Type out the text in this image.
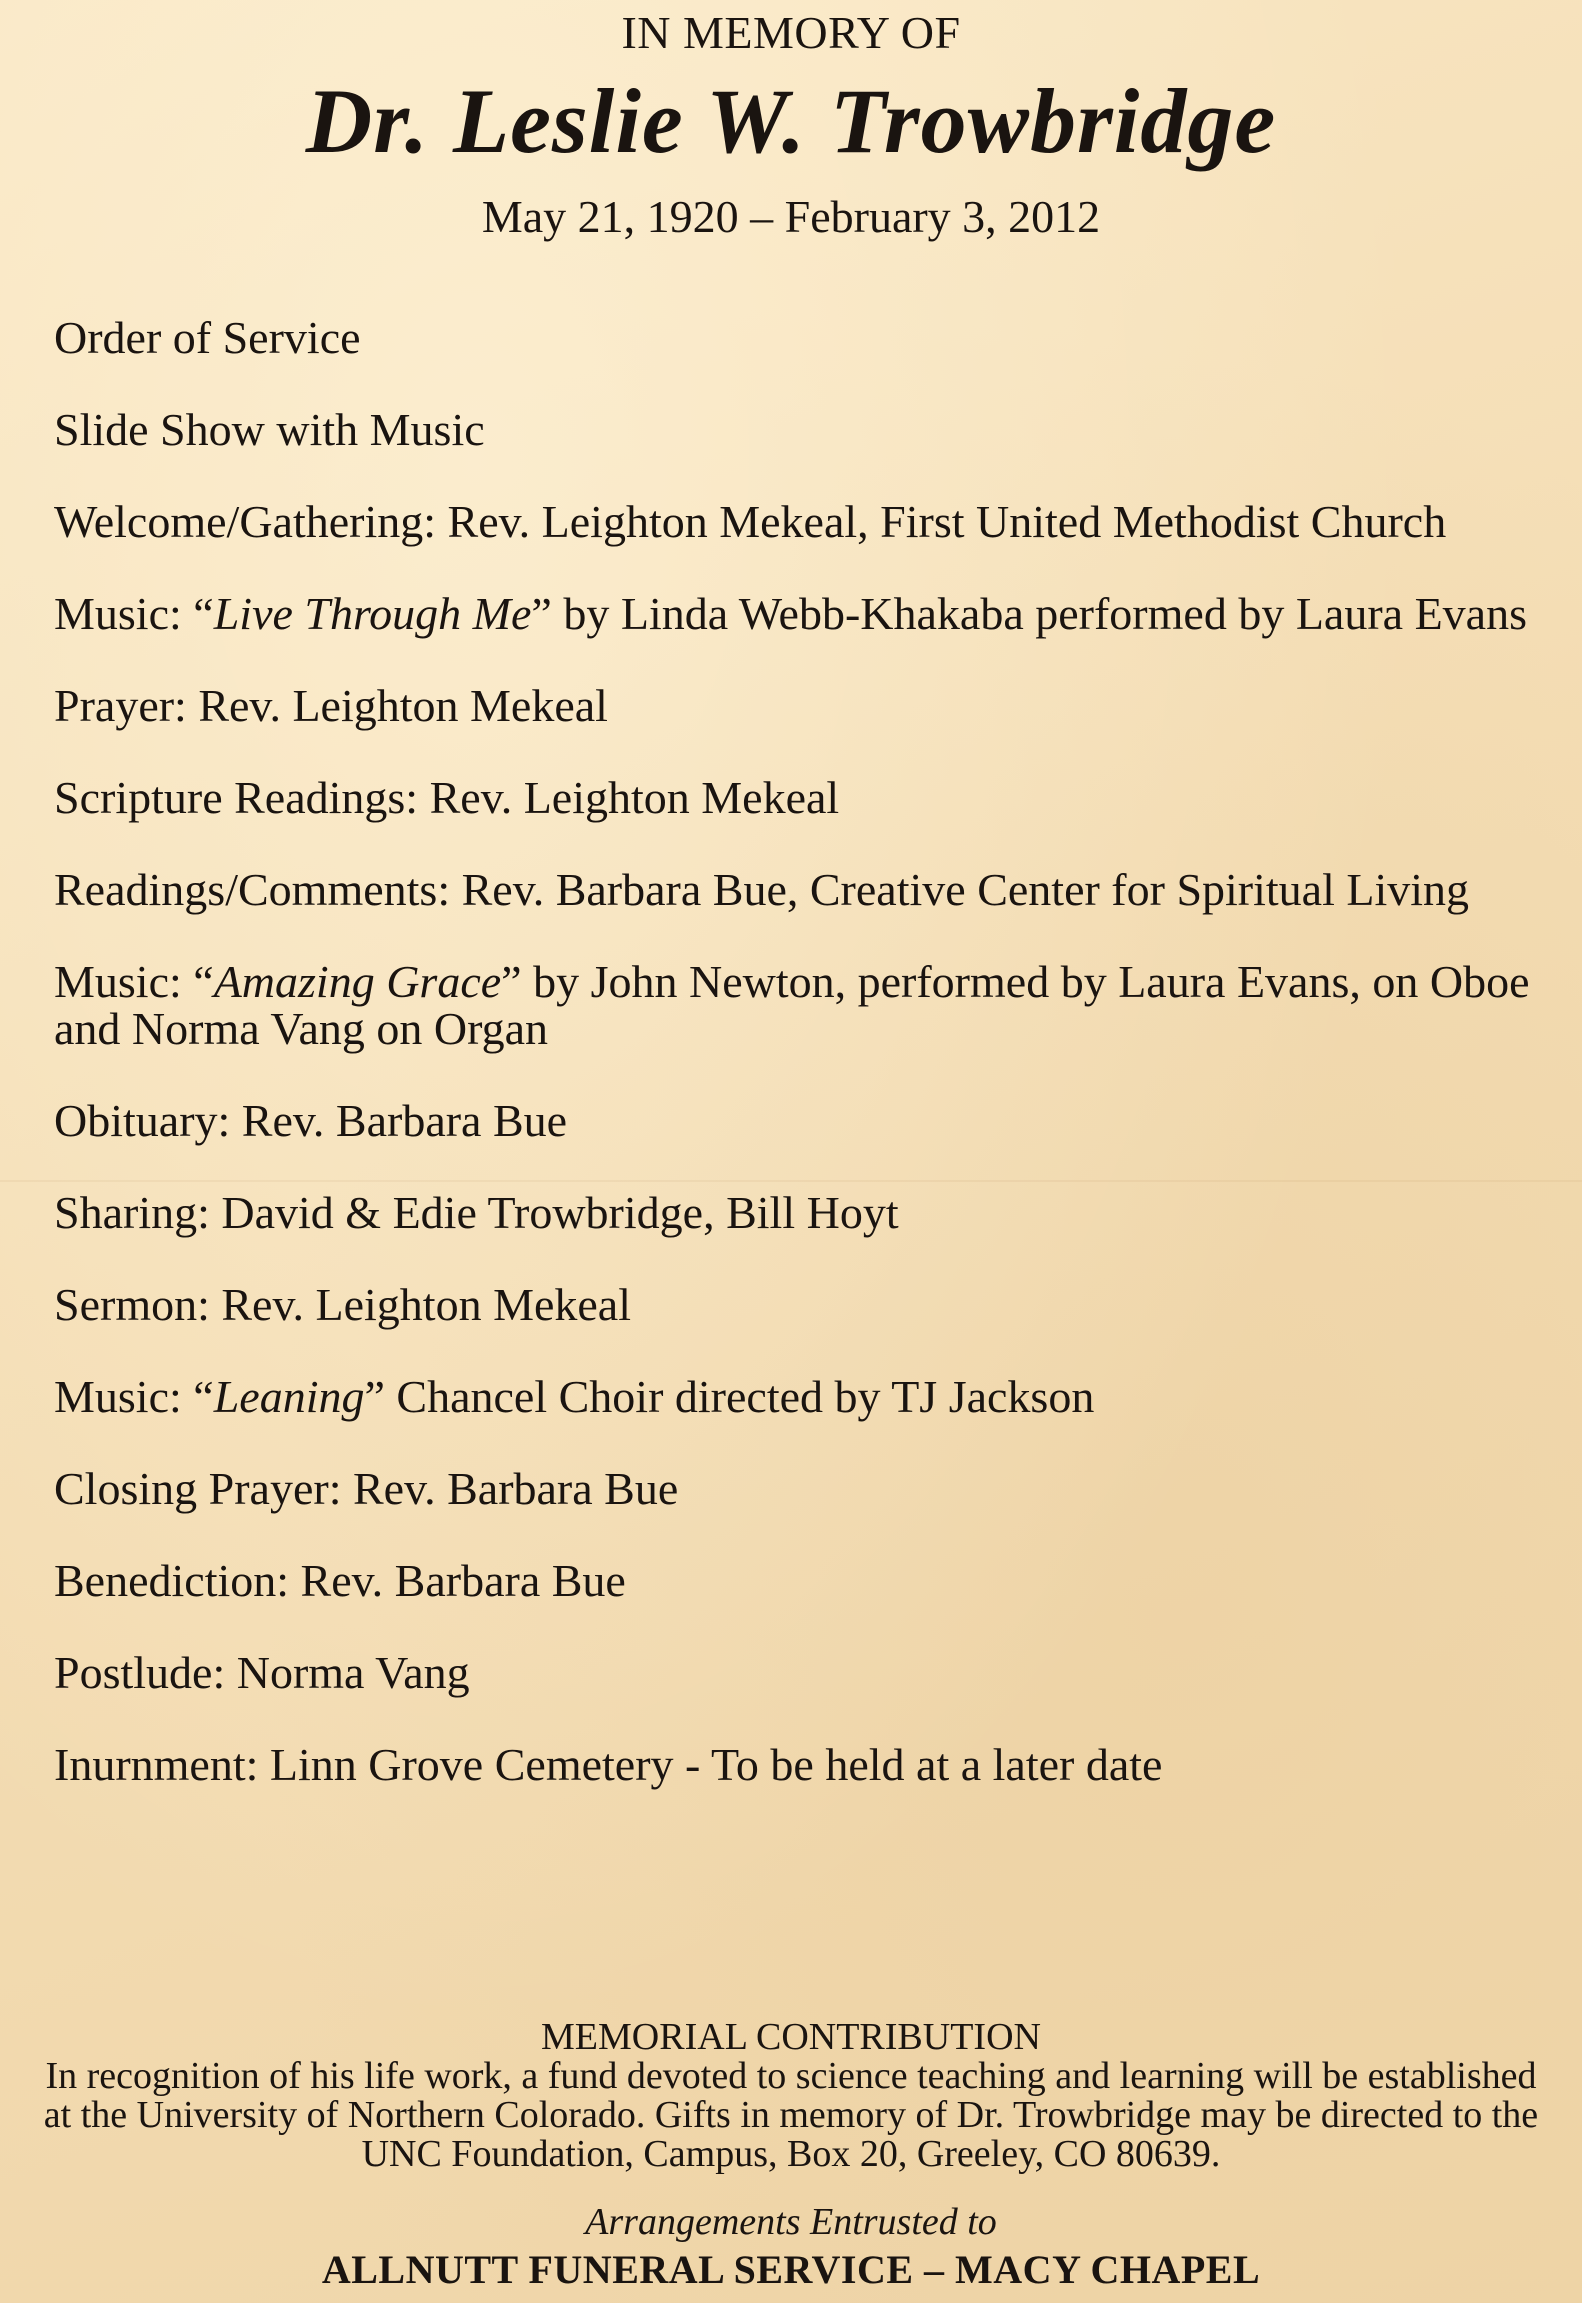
IN MEMORY OF
Dr. Leslie W. Trowbridge
May 21, 1920 – February 3, 2012
Order of Service
Slide Show with Music
Welcome/Gathering: Rev. Leighton Mekeal, First United Methodist Church
Music: “Live Through Me” by Linda Webb-Khakaba performed by Laura Evans
Prayer: Rev. Leighton Mekeal
Scripture Readings: Rev. Leighton Mekeal
Readings/Comments: Rev. Barbara Bue, Creative Center for Spiritual Living
Music: “Amazing Grace” by John Newton, performed by Laura Evans, on Oboe and Norma Vang on Organ
Obituary: Rev. Barbara Bue
Sharing: David & Edie Trowbridge, Bill Hoyt
Sermon: Rev. Leighton Mekeal
Music: “Leaning” Chancel Choir directed by TJ Jackson
Closing Prayer: Rev. Barbara Bue
Benediction: Rev. Barbara Bue
Postlude: Norma Vang
Inurnment: Linn Grove Cemetery - To be held at a later date
MEMORIAL CONTRIBUTION
In recognition of his life work, a fund devoted to science teaching and learning will be established at the University of Northern Colorado. Gifts in memory of Dr. Trowbridge may be directed to the UNC Foundation, Campus, Box 20, Greeley, CO 80639.
Arrangements Entrusted to
ALLNUTT FUNERAL SERVICE – MACY CHAPEL
